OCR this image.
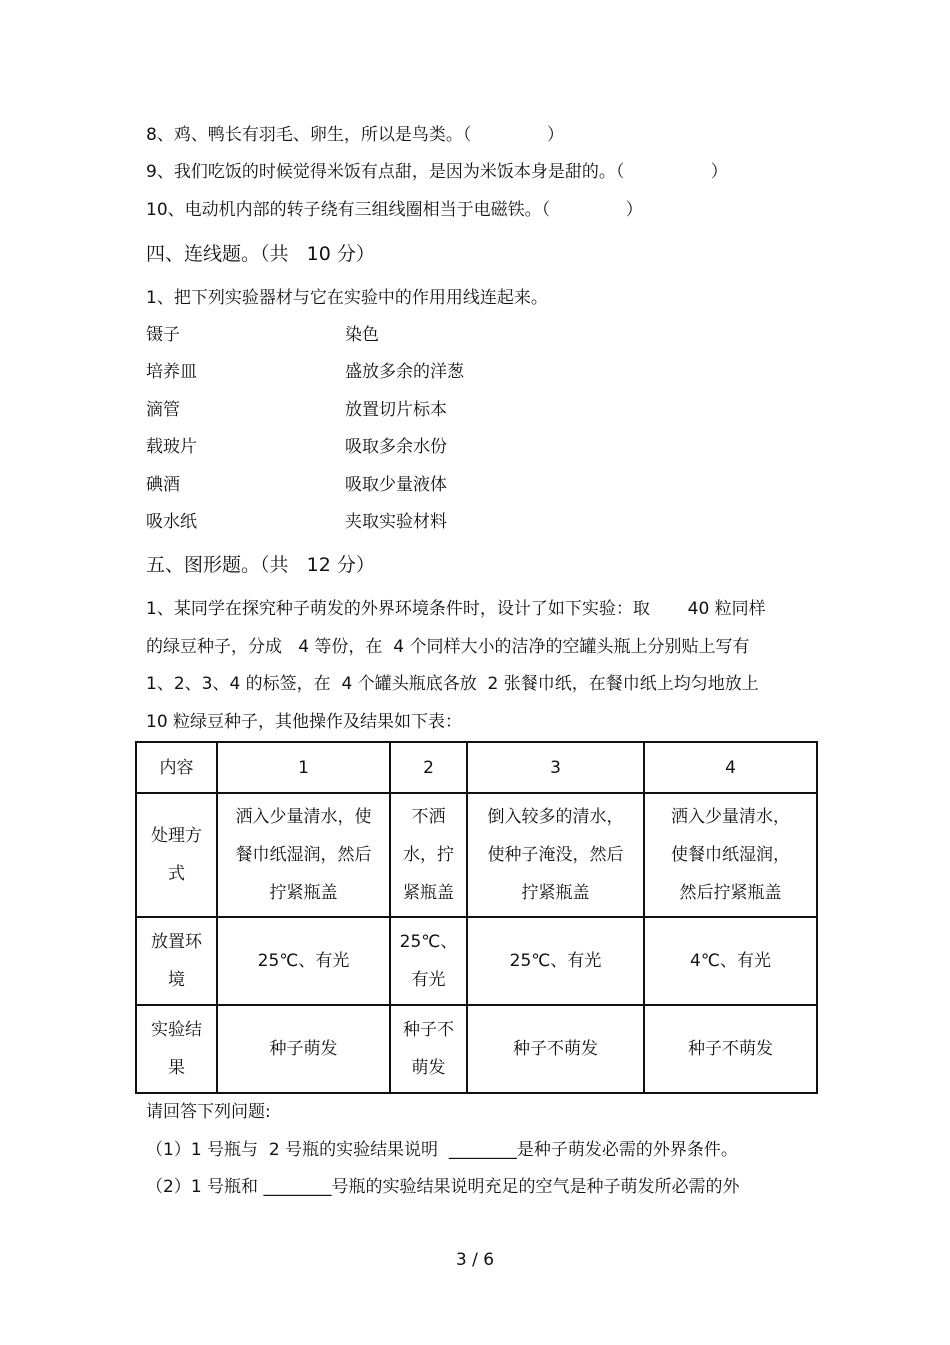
8、鸡、鸭长有羽毛、卵生，所以是鸟类。（              ）
9、我们吃饭的时候觉得米饭有点甜，是因为米饭本身是甜的。（                ）
10、电动机内部的转子绕有三组线圈相当于电磁铁。（              ）
四、连线题。（共   10 分）
1、把下列实验器材与它在实验中的作用用线连起来。
镊子	染色
培养皿	盛放多余的洋葱
滴管	放置切片标本
载玻片	吸取多余水份
碘酒	吸取少量液体
吸水纸	夹取实验材料
五、图形题。（共   12 分）
1、某同学在探究种子萌发的外界环境条件时，设计了如下实验：取       40 粒同样
的绿豆种子，分成   4 等份，在  4 个同样大小的洁净的空罐头瓶上分别贴上写有
1、2、3、4 的标签，在  4 个罐头瓶底各放  2 张餐巾纸，在餐巾纸上均匀地放上
10 粒绿豆种子，其他操作及结果如下表：
内容	1	2	3	4

处理方
式	洒入少量清水，使
餐巾纸湿润，然后
拧紧瓶盖	不洒
水，拧
紧瓶盖	倒入较多的清水，
使种子淹没，然后
拧紧瓶盖	洒入少量清水，
使餐巾纸湿润，
然后拧紧瓶盖

放置环
境	25℃、有光	25℃、
有光	25℃、有光	4℃、有光

实验结
果	种子萌发	种子不
萌发	种子不萌发	种子不萌发
请回答下列问题:
（1）1 号瓶与  2 号瓶的实验结果说明  ________是种子萌发必需的外界条件。
（2）1 号瓶和 ________号瓶的实验结果说明充足的空气是种子萌发所必需的外
3 / 6
